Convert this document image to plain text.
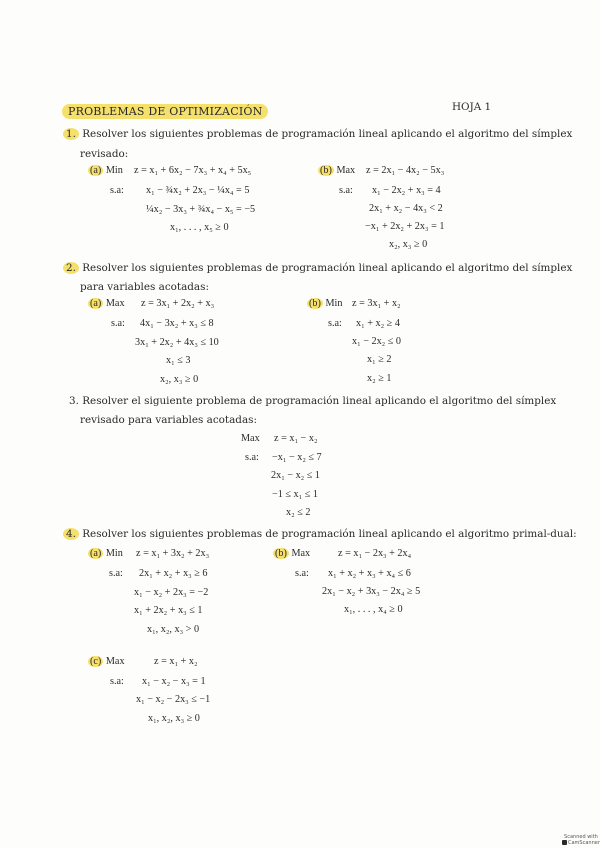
PROBLEMAS DE OPTIMIZACIÓN	HOJA 1
1. Resolver los siguientes problemas de programación lineal aplicando el algoritmo del símplex
revisado:
(a) Min z = x₁ + 6x₂ − 7x₃ + x₄ + 5x₅
s.a: x₁ − ¾x₂ + 2x₃ − ¼x₄ = 5
¼x₂ − 3x₃ + ¾x₄ − x₅ = −5
x₁, . . . , x₅ ≥ 0
(b) Max z = 2x₁ − 4x₂ − 5x₃
s.a: x₁ − 2x₂ + x₃ = 4
2x₁ + x₂ − 4x₃ < 2
−x₁ + 2x₂ + 2x₃ = 1
x₂, x₃ ≥ 0
2. Resolver los siguientes problemas de programación lineal aplicando el algoritmo del símplex
para variables acotadas:
(a) Max z = 3x₁ + 2x₂ + x₃
s.a: 4x₁ − 3x₂ + x₃ ≤ 8
3x₁ + 2x₂ + 4x₃ ≤ 10
x₁ ≤ 3
x₂, x₃ ≥ 0
(b) Min z = 3x₁ + x₂
s.a: x₁ + x₂ ≥ 4
x₁ − 2x₂ ≤ 0
x₁ ≥ 2
x₂ ≥ 1
3. Resolver el siguiente problema de programación lineal aplicando el algoritmo del símplex
revisado para variables acotadas:
Max z = x₁ − x₂
s.a: −x₁ − x₂ ≤ 7
2x₁ − x₂ ≤ 1
−1 ≤ x₁ ≤ 1
x₂ ≤ 2
4. Resolver los siguientes problemas de programación lineal aplicando el algoritmo primal-dual:
(a) Min z = x₁ + 3x₂ + 2x₃
s.a: 2x₁ + x₂ + x₃ ≥ 6
x₁ − x₂ + 2x₃ = −2
x₁ + 2x₂ + x₃ ≤ 1
x₁, x₂, x₃ > 0
(b) Max	z = x₁ − 2x₃ + 2x₄
s.a: x₁ + x₂ + x₃ + x₄ ≤ 6
2x₁ − x₂ + 3x₃ − 2x₄ ≥ 5
x₁, . . . , x₄ ≥ 0
(c) Max	z = x₁ + x₂
s.a: x₁ − x₂ − x₃ = 1
x₁ − x₂ − 2x₃ ≤ −1
x₁, x₂, x₃ ≥ 0
Scanned with
CamScanner
